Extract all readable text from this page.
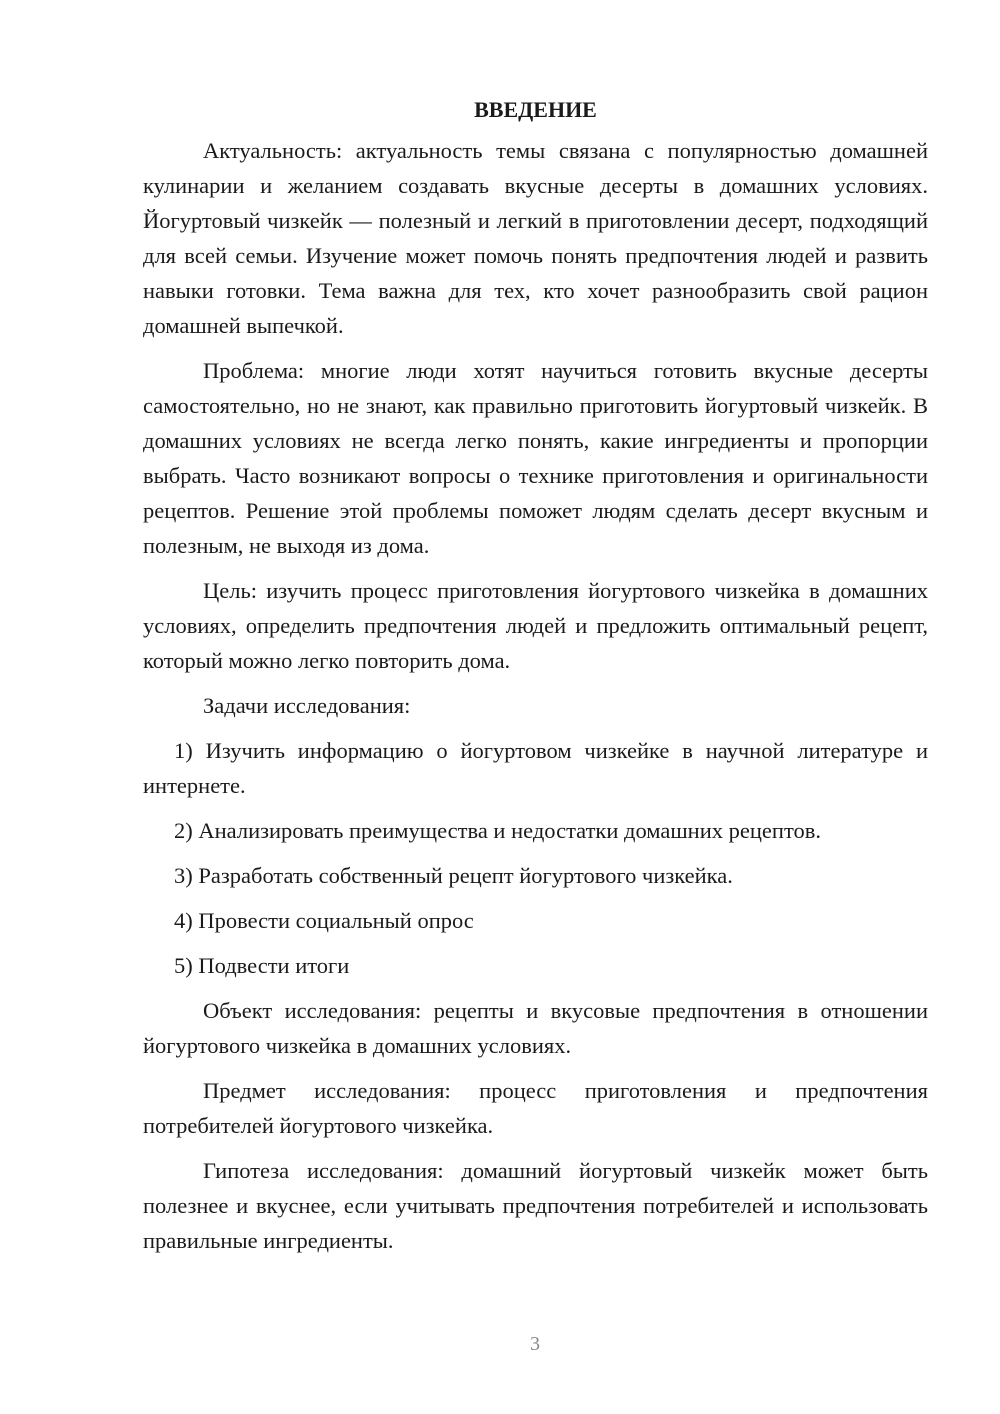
ВВЕДЕНИЕ

Актуальность: актуальность темы связана с популярностью домашней кулинарии и желанием создавать вкусные десерты в домашних условиях. Йогуртовый чизкейк — полезный и легкий в приготовлении десерт, подходящий для всей семьи. Изучение может помочь понять предпочтения людей и развить навыки готовки. Тема важна для тех, кто хочет разнообразить свой рацион домашней выпечкой.

Проблема: многие люди хотят научиться готовить вкусные десерты самостоятельно, но не знают, как правильно приготовить йогуртовый чизкейк. В домашних условиях не всегда легко понять, какие ингредиенты и пропорции выбрать. Часто возникают вопросы о технике приготовления и оригинальности рецептов. Решение этой проблемы поможет людям сделать десерт вкусным и полезным, не выходя из дома.

Цель: изучить процесс приготовления йогуртового чизкейка в домашних условиях, определить предпочтения людей и предложить оптимальный рецепт, который можно легко повторить дома.

Задачи исследования:

1) Изучить информацию о йогуртовом чизкейке в научной литературе и интернете.

2) Анализировать преимущества и недостатки домашних рецептов.

3) Разработать собственный рецепт йогуртового чизкейка.

4) Провести социальный опрос

5) Подвести итоги

Объект исследования: рецепты и вкусовые предпочтения в отношении йогуртового чизкейка в домашних условиях.

Предмет исследования: процесс приготовления и предпочтения потребителей йогуртового чизкейка.

Гипотеза исследования: домашний йогуртовый чизкейк может быть полезнее и вкуснее, если учитывать предпочтения потребителей и использовать правильные ингредиенты.

3
